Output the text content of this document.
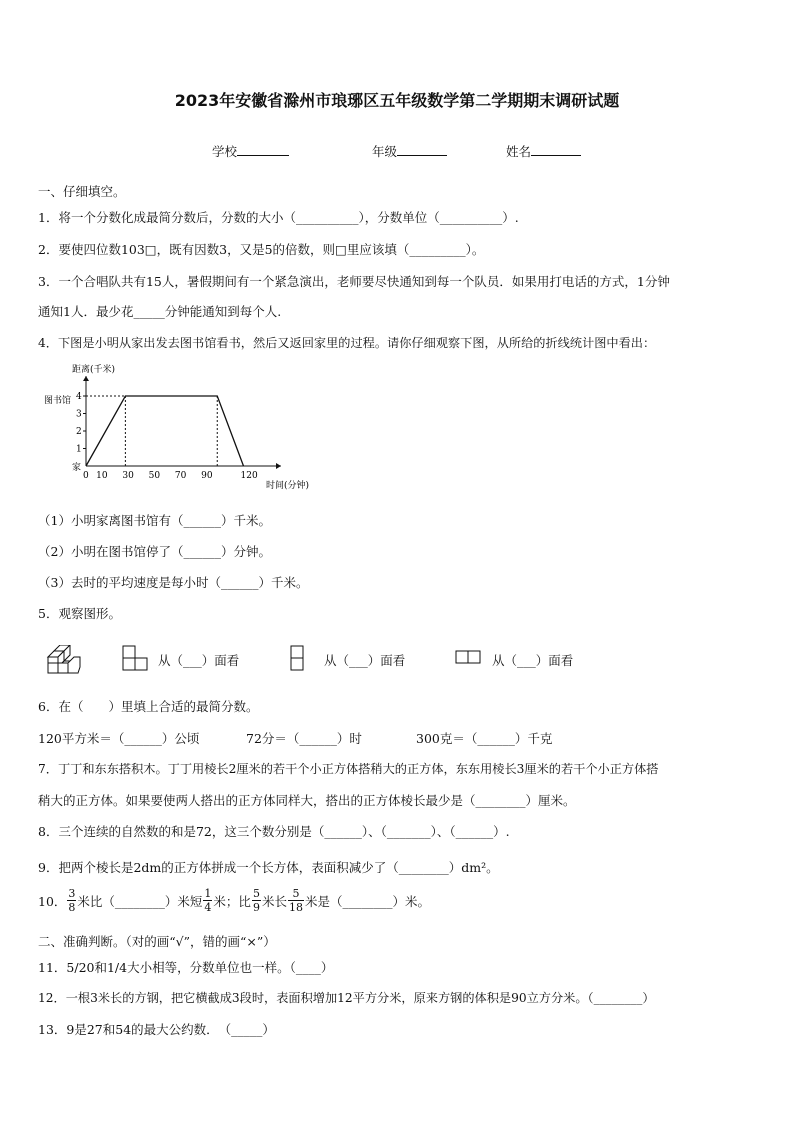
2023年安徽省滁州市琅琊区五年级数学第二学期期末调研试题
学校	年级	姓名
一、仔细填空。
1．将一个分数化成最简分数后，分数的大小（__________），分数单位（__________）.
2．要使四位数103□，既有因数3，又是5的倍数，则□里应该填（_________）。
3．一个合唱队共有15人，暑假期间有一个紧急演出，老师要尽快通知到每一个队员．如果用打电话的方式，1分钟
通知1人．最少花_____分钟能通知到每个人.
4．下图是小明从家出发去图书馆看书，然后又返回家里的过程。请你仔细观察下图，从所给的折线统计图中看出：
距离(千米)
时间(分钟)
图书馆
家
1
2
3
4
0 10 30 50 70 90	120
（1）小明家离图书馆有（______）千米。
（2）小明在图书馆停了（______）分钟。
（3）去时的平均速度是每小时（______）千米。
5．观察图形。
从（___）面看	从（___）面看	从（___）面看
6．在（　　）里填上合适的最简分数。
120平方米＝（______）公顷	72分＝（______）时	300克＝（______）千克
7．丁丁和东东搭积木。丁丁用棱长2厘米的若干个小正方体搭稍大的正方体，东东用棱长3厘米的若干个小正方体搭
稍大的正方体。如果要使两人搭出的正方体同样大，搭出的正方体棱长最少是（________）厘米。
8．三个连续的自然数的和是72，这三个数分别是（______）、（_______）、（______）.
9．把两个棱长是2dm的正方体拼成一个长方体，表面积减少了（________）dm²。
10． $\frac{3}{8}$ 米比（________）米短 $\frac{1}{4}$ 米；比 $\frac{5}{9}$ 米长 $\frac{5}{18}$ 米是（________）米。
二、准确判断。（对的画“√”，错的画“×”）
11．5/20和1/4大小相等，分数单位也一样。（____）
12．一根3米长的方钢，把它横截成3段时，表面积增加12平方分米，原来方钢的体积是90立方分米。（________）
13．9是27和54的最大公约数．　（_____）
